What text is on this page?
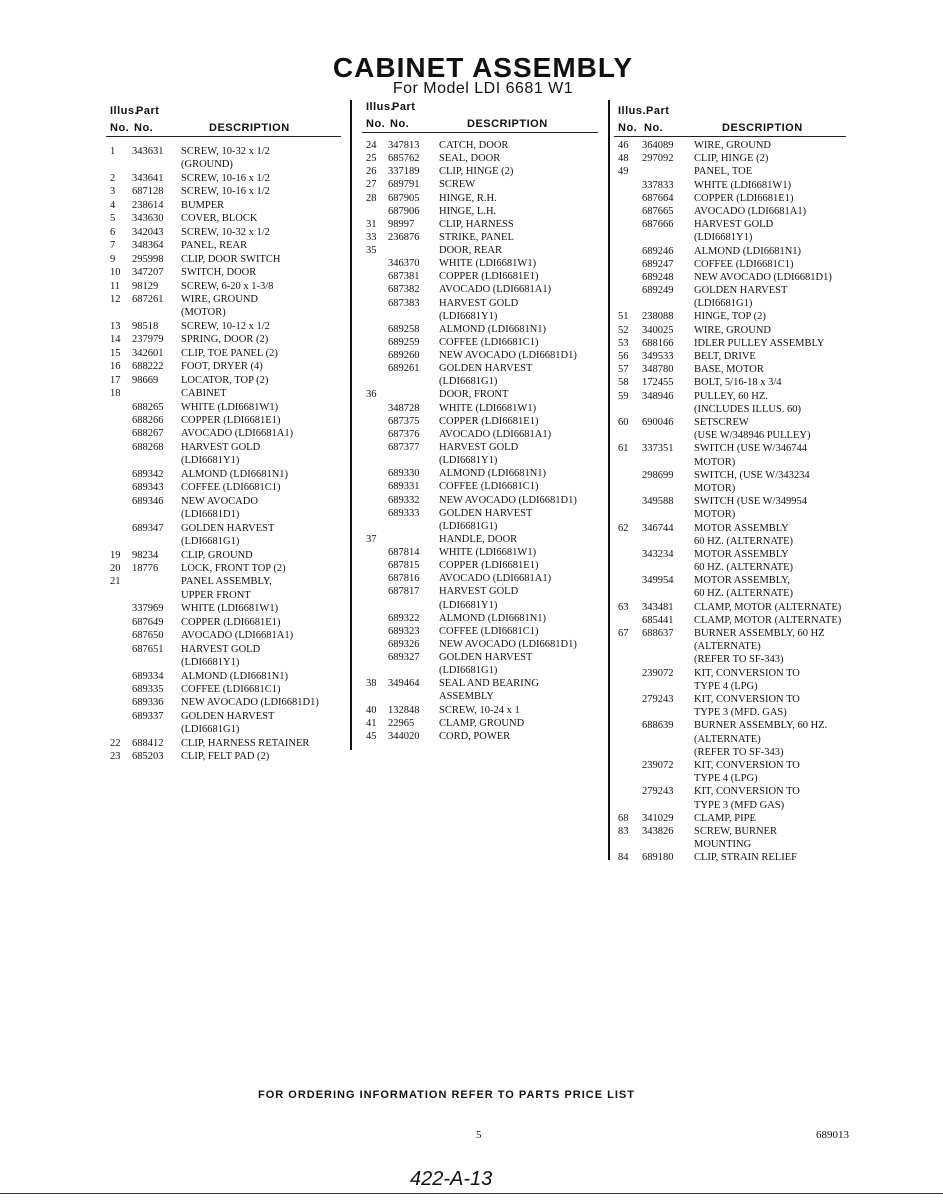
CABINET ASSEMBLY
For Model LDI 6681 W1
Illus.
Part
No. No.	DESCRIPTION
1 343631 SCREW, 10-32 x 1/2
(GROUND)
2 343641 SCREW, 10-16 x 1/2
3 687128 SCREW, 10-16 x 1/2
4 238614 BUMPER
5 343630 COVER, BLOCK
6 342043 SCREW, 10-32 x 1/2
7 348364 PANEL, REAR
9 295998 CLIP, DOOR SWITCH
10 347207 SWITCH, DOOR
11 98129 SCREW, 6-20 x 1-3/8
12 687261 WIRE, GROUND
(MOTOR)
13 98518 SCREW, 10-12 x 1/2
14 237979 SPRING, DOOR (2)
15 342601 CLIP, TOE PANEL (2)
16 688222 FOOT, DRYER (4)
17 98669 LOCATOR, TOP (2)
18	CABINET
688265 WHITE (LDI6681W1)
688266 COPPER (LDI6681E1)
688267 AVOCADO (LDI6681A1)
688268 HARVEST GOLD
(LDI6681Y1)
689342 ALMOND (LDI6681N1)
689343 COFFEE (LDI6681C1)
689346 NEW AVOCADO
(LDI6681D1)
689347 GOLDEN HARVEST
(LDI6681G1)
19 98234 CLIP, GROUND
20 18776 LOCK, FRONT TOP (2)
21	PANEL ASSEMBLY,
UPPER FRONT
337969 WHITE (LDI6681W1)
687649 COPPER (LDI6681E1)
687650 AVOCADO (LDI6681A1)
687651 HARVEST GOLD
(LDI6681Y1)
689334 ALMOND (LDI6681N1)
689335 COFFEE (LDI6681C1)
689336 NEW AVOCADO (LDI6681D1)
689337 GOLDEN HARVEST
(LDI6681G1)
22 688412 CLIP, HARNESS RETAINER
23 685203 CLIP, FELT PAD (2)
Illus.
Part
No. No.	DESCRIPTION
24 347813 CATCH, DOOR
25 685762 SEAL, DOOR
26 337189 CLIP, HINGE (2)
27 689791 SCREW
28 687905 HINGE, R.H.
687906 HINGE, L.H.
31 98997 CLIP, HARNESS
33 236876 STRIKE, PANEL
35	DOOR, REAR
346370 WHITE (LDI6681W1)
687381 COPPER (LDI6681E1)
687382 AVOCADO (LDI6681A1)
687383 HARVEST GOLD
(LDI6681Y1)
689258 ALMOND (LDI6681N1)
689259 COFFEE (LDI6681C1)
689260 NEW AVOCADO (LDI6681D1)
689261 GOLDEN HARVEST
(LDI6681G1)
36	DOOR, FRONT
348728 WHITE (LDI6681W1)
687375 COPPER (LDI6681E1)
687376 AVOCADO (LDI6681A1)
687377 HARVEST GOLD
(LDI6681Y1)
689330 ALMOND (LDI6681N1)
689331 COFFEE (LDI6681C1)
689332 NEW AVOCADO (LDI6681D1)
689333 GOLDEN HARVEST
(LDI6681G1)
37	HANDLE, DOOR
687814 WHITE (LDI6681W1)
687815 COPPER (LDI6681E1)
687816 AVOCADO (LDI6681A1)
687817 HARVEST GOLD
(LDI6681Y1)
689322 ALMOND (LDI6681N1)
689323 COFFEE (LDI6681C1)
689326 NEW AVOCADO (LDI6681D1)
689327 GOLDEN HARVEST
(LDI6681G1)
38 349464 SEAL AND BEARING
ASSEMBLY
40 132848 SCREW, 10-24 x 1
41 22965 CLAMP, GROUND
45 344020 CORD, POWER
Illus. Part
No. No.	DESCRIPTION
46 364089 WIRE, GROUND
48 297092 CLIP, HINGE (2)
49	PANEL, TOE
337833 WHITE (LDI6681W1)
687664 COPPER (LDI6681E1)
687665 AVOCADO (LDI6681A1)
687666 HARVEST GOLD
(LDI6681Y1)
689246 ALMOND (LDI6681N1)
689247 COFFEE (LDI6681C1)
689248 NEW AVOCADO (LDI6681D1)
689249 GOLDEN HARVEST
(LDI6681G1)
51 238088 HINGE, TOP (2)
52 340025 WIRE, GROUND
53 688166 IDLER PULLEY ASSEMBLY
56 349533 BELT, DRIVE
57 348780 BASE, MOTOR
58 172455 BOLT, 5/16-18 x 3/4
59 348946 PULLEY, 60 HZ.
(INCLUDES ILLUS. 60)
60 690046 SETSCREW
(USE W/348946 PULLEY)
61 337351 SWITCH (USE W/346744
MOTOR)
298699 SWITCH, (USE W/343234
MOTOR)
349588 SWITCH (USE W/349954
MOTOR)
62 346744 MOTOR ASSEMBLY
60 HZ. (ALTERNATE)
343234 MOTOR ASSEMBLY
60 HZ. (ALTERNATE)
349954 MOTOR ASSEMBLY,
60 HZ. (ALTERNATE)
63 343481 CLAMP, MOTOR (ALTERNATE)
685441 CLAMP, MOTOR (ALTERNATE)
67 688637 BURNER ASSEMBLY, 60 HZ
(ALTERNATE)
(REFER TO SF-343)
239072 KIT, CONVERSION TO
TYPE 4 (LPG)
279243 KIT, CONVERSION TO
TYPE 3 (MFD. GAS)
688639 BURNER ASSEMBLY, 60 HZ.
(ALTERNATE)
(REFER TO SF-343)
239072 KIT, CONVERSION TO
TYPE 4 (LPG)
279243 KIT, CONVERSION TO
TYPE 3 (MFD GAS)
68 341029 CLAMP, PIPE
83 343826 SCREW, BURNER
MOUNTING
84 689180 CLIP, STRAIN RELIEF
FOR ORDERING INFORMATION REFER TO PARTS PRICE LIST
5	689013
422-A-13
